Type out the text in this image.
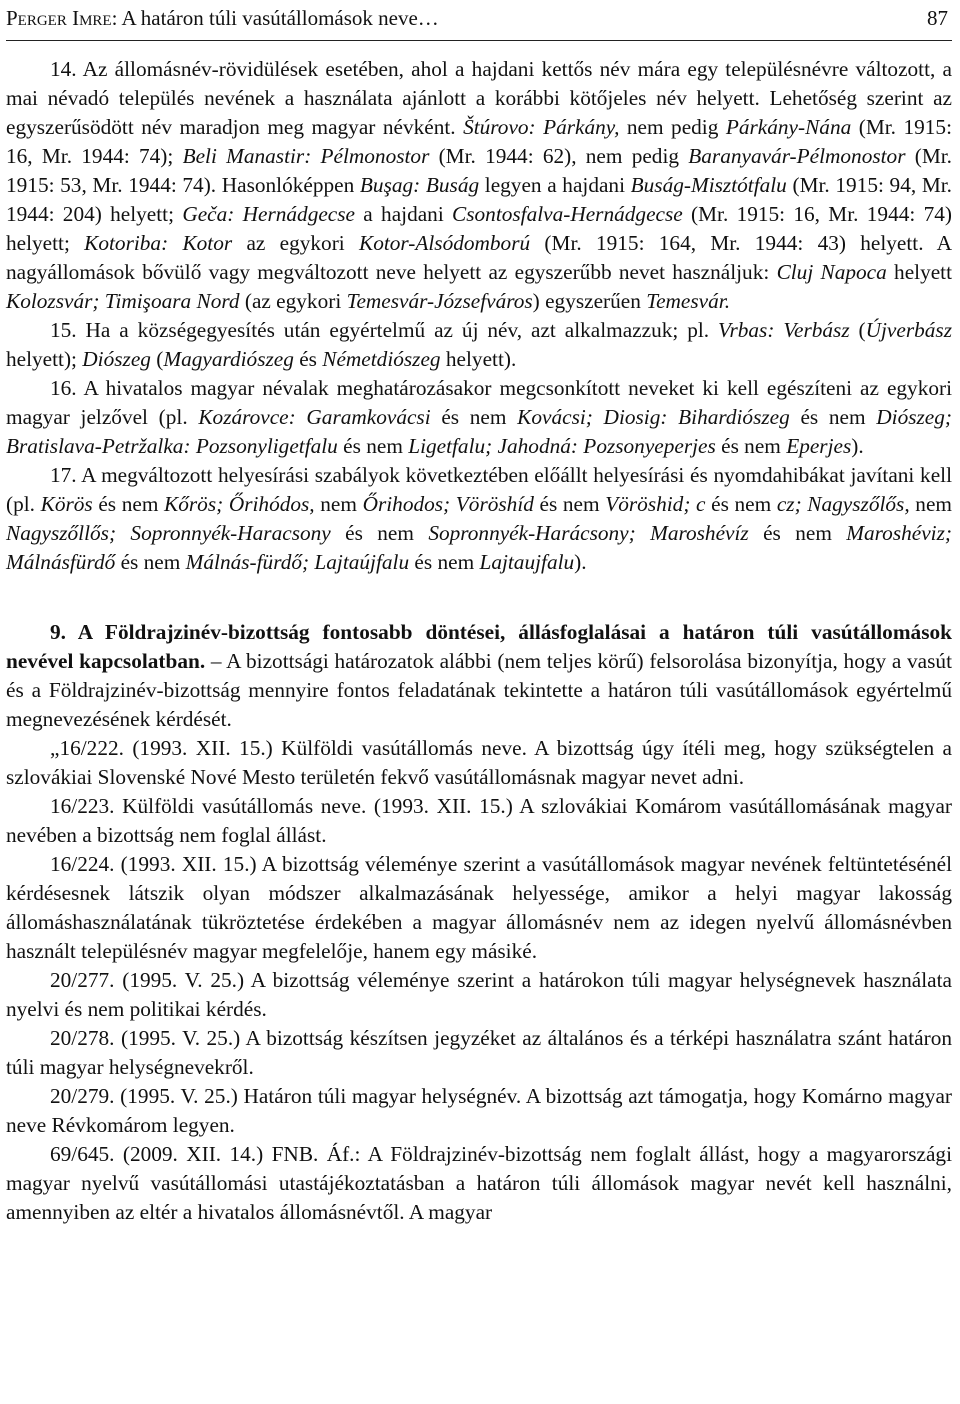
Perger Imre: A határon túli vasútállomások neve…	87

14. Az állomásnév-rövidülések esetében, ahol a hajdani kettős név mára egy településnévre változott, a mai névadó település nevének a használata ajánlott a korábbi kötőjeles név helyett. Lehetőség szerint az egyszerűsödött név maradjon meg magyar névként. Štúrovo: Párkány, nem pedig Párkány-Nána (Mr. 1915: 16, Mr. 1944: 74); Beli Manastir: Pélmonostor (Mr. 1944: 62), nem pedig Baranyavár-Pélmonostor (Mr. 1915: 53, Mr. 1944: 74). Hasonlóképpen Buşag: Buság legyen a hajdani Buság-Misztótfalu (Mr. 1915: 94, Mr. 1944: 204) helyett; Geča: Hernádgecse a hajdani Csontosfalva-Hernádgecse (Mr. 1915: 16, Mr. 1944: 74) helyett; Kotoriba: Kotor az egykori Kotor-Alsódomború (Mr. 1915: 164, Mr. 1944: 43) helyett. A nagyállomások bővülő vagy megváltozott neve helyett az egyszerűbb nevet használjuk: Cluj Napoca helyett Kolozsvár; Timişoara Nord (az egykori Temesvár-Józsefváros) egyszerűen Temesvár.

15. Ha a községegyesítés után egyértelmű az új név, azt alkalmazzuk; pl. Vrbas: Verbász (Újverbász helyett); Diószeg (Magyardiószeg és Németdiószeg helyett).

16. A hivatalos magyar névalak meghatározásakor megcsonkított neveket ki kell egészíteni az egykori magyar jelzővel (pl. Kozárovce: Garamkovácsi és nem Kovácsi; Diosig: Bihardiószeg és nem Diószeg; Bratislava-Petržalka: Pozsonyligetfalu és nem Ligetfalu; Jahodná: Pozsonyeperjes és nem Eperjes).

17. A megváltozott helyesírási szabályok következtében előállt helyesírási és nyomdahibákat javítani kell (pl. Körös és nem Kőrös; Őrihódos, nem Őrihodos; Vöröshíd és nem Vöröshid; c és nem cz; Nagyszőlős, nem Nagyszőllős; Sopronnyék-Haracsony és nem Sopronnyék-Harácsony; Maroshévíz és nem Maroshéviz; Málnásfürdő és nem Málnás-fürdő; Lajtaújfalu és nem Lajtaujfalu).

9. A Földrajzinév-bizottság fontosabb döntései, állásfoglalásai a határon túli vasútállomások nevével kapcsolatban. – A bizottsági határozatok alábbi (nem teljes körű) felsorolása bizonyítja, hogy a vasút és a Földrajzinév-bizottság mennyire fontos feladatának tekintette a határon túli vasútállomások egyértelmű megnevezésének kérdését.

„16/222. (1993. XII. 15.) Külföldi vasútállomás neve. A bizottság úgy ítéli meg, hogy szükségtelen a szlovákiai Slovenské Nové Mesto területén fekvő vasútállomásnak magyar nevet adni.

16/223. Külföldi vasútállomás neve. (1993. XII. 15.) A szlovákiai Komárom vasútállomásának magyar nevében a bizottság nem foglal állást.

16/224. (1993. XII. 15.) A bizottság véleménye szerint a vasútállomások magyar nevének feltüntetésénél kérdésesnek látszik olyan módszer alkalmazásának helyessége, amikor a helyi magyar lakosság állomáshasználatának tükröztetése érdekében a magyar állomásnév nem az idegen nyelvű állomásnévben használt településnév magyar megfelelője, hanem egy másiké.

20/277. (1995. V. 25.) A bizottság véleménye szerint a határokon túli magyar helységnevek használata nyelvi és nem politikai kérdés.

20/278. (1995. V. 25.) A bizottság készítsen jegyzéket az általános és a térképi használatra szánt határon túli magyar helységnevekről.

20/279. (1995. V. 25.) Határon túli magyar helységnév. A bizottság azt támogatja, hogy Komárno magyar neve Révkomárom legyen.

69/645. (2009. XII. 14.) FNB. Áf.: A Földrajzinév-bizottság nem foglalt állást, hogy a magyarországi magyar nyelvű vasútállomási utastájékoztatásban a határon túli állomások magyar nevét kell használni, amennyiben az eltér a hivatalos állomásnévtől. A magyar
